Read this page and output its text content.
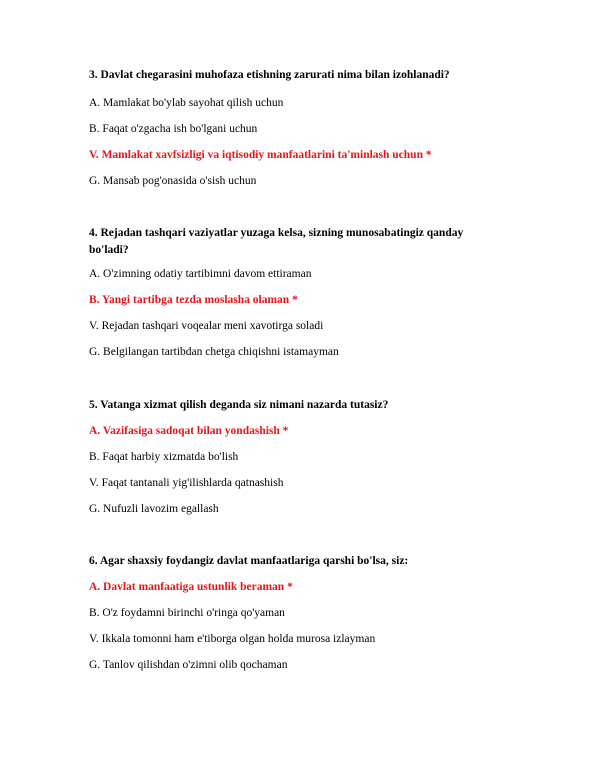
3. Davlat chegarasini muhofaza etishning zarurati nima bilan izohlanadi?
A. Mamlakat bo'ylab sayohat qilish uchun
B. Faqat o'zgacha ish bo'lgani uchun
V. Mamlakat xavfsizligi va iqtisodiy manfaatlarini ta'minlash uchun *
G. Mansab pog'onasida o'sish uchun
4. Rejadan tashqari vaziyatlar yuzaga kelsa, sizning munosabatingiz qanday bo'ladi?
A. O'zimning odatiy tartibimni davom ettiraman
B. Yangi tartibga tezda moslasha olaman *
V. Rejadan tashqari voqealar meni xavotirga soladi
G. Belgilangan tartibdan chetga chiqishni istamayman
5. Vatanga xizmat qilish deganda siz nimani nazarda tutasiz?
A. Vazifasiga sadoqat bilan yondashish *
B. Faqat harbiy xizmatda bo'lish
V. Faqat tantanali yig'ilishlarda qatnashish
G. Nufuzli lavozim egallash
6. Agar shaxsiy foydangiz davlat manfaatlariga qarshi bo'lsa, siz:
A. Davlat manfaatiga ustunlik beraman *
B. O'z foydamni birinchi o'ringa qo'yaman
V. Ikkala tomonni ham e'tiborga olgan holda murosa izlayman
G. Tanlov qilishdan o'zimni olib qochaman
